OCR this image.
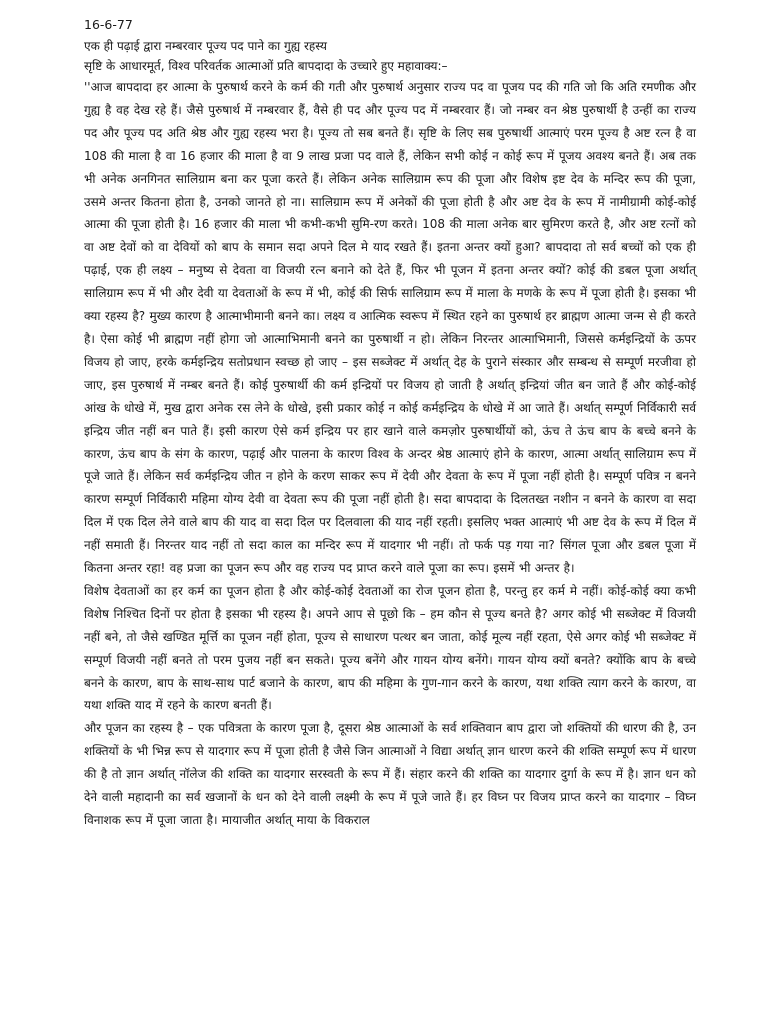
16-6-77

एक ही पढ़ाई द्वारा नम्बरवार पूज्य पद पाने का गुह्य रहस्य

सृष्टि के आधारमूर्त, विश्व परिवर्तक आत्माओं प्रति बापदादा के उच्चारे हुए महावाक्य:–

''आज बापदादा हर आत्मा के पुरुषार्थ करने के कर्म की गती और पुरुषार्थ अनुसार राज्य पद वा पूजय पद की गति जो कि अति रमणीक और गुह्य है वह देख रहे हैं। जैसे पुरुषार्थ में नम्बरवार हैं, वैसे ही पद और पूज्य पद में नम्बरवार हैं। जो नम्बर वन श्रेष्ठ पुरुषार्थी है उन्हीं का राज्य पद और पूज्य पद अति श्रेष्ठ और गुह्य रहस्य भरा है। पूज्य तो सब बनते हैं। सृष्टि के लिए सब पुरुषार्थी आत्माएं परम पूज्य है अष्ट रत्न है वा 108 की माला है वा 16 हजार की माला है वा 9 लाख प्रजा पद वाले हैं, लेकिन सभी कोई न कोई रूप में पूजय अवश्य बनते हैं। अब तक भी अनेक अनगिनत सालिग्राम बना कर पूजा करते हैं। लेकिन अनेक सालिग्राम रूप की पूजा और विशेष इष्ट देव के मन्दिर रूप की पूजा, उसमे अन्तर कितना होता है, उनको जानते हो ना। सालिग्राम रूप में अनेकों की पूजा होती है और अष्ट देव के रूप में नामीग्रामी कोई-कोई आत्मा की पूजा होती है। 16 हजार की माला भी कभी-कभी सुमि-रण करते। 108 की माला अनेक बार सुमिरण करते है, और अष्ट रत्नों को वा अष्ट देवों को वा देवियों को बाप के समान सदा अपने दिल मे याद रखते हैं। इतना अन्तर क्यों हुआ? बापदादा तो सर्व बच्चों को एक ही पढ़ाई, एक ही लक्ष्य – मनुष्य से देवता वा विजयी रत्न बनाने को देते हैं, फिर भी पूजन में इतना अन्तर क्यों? कोई की डबल पूजा अर्थात् सालिग्राम रूप में भी और देवी या देवताओं के रूप में भी, कोई की सिर्फ सालिग्राम रूप में माला के मणके के रूप में पूजा होती है। इसका भी क्या रहस्य है? मुख्य कारण है आत्माभीमानी बनने का। लक्ष्य व आत्मिक स्वरूप में स्थित रहने का पुरुषार्थ हर ब्राह्मण आत्मा जन्म से ही करते है। ऐसा कोई भी ब्राह्मण नहीं होगा जो आत्माभिमानी बनने का पुरुषार्थी न हो। लेकिन निरन्तर आत्माभिमानी, जिससे कर्मइन्द्रियों के ऊपर विजय हो जाए, हरके कर्मइन्द्रिय सतोप्रधान स्वच्छ हो जाए – इस सब्जेक्ट में अर्थात् देह के पुराने संस्कार और सम्बन्ध से सम्पूर्ण मरजीवा हो जाए, इस पुरुषार्थ में नम्बर बनते हैं। कोई पुरुषार्थी की कर्म इन्द्रियों पर विजय हो जाती है अर्थात् इन्द्रियां जीत बन जाते हैं और कोई-कोई आंख के धोखे में, मुख द्वारा अनेक रस लेने के धोखे, इसी प्रकार कोई न कोई कर्मइन्द्रिय के धोखे में आ जाते हैं। अर्थात् सम्पूर्ण निर्विकारी सर्व इन्द्रिय जीत नहीं बन पाते हैं। इसी कारण ऐसे कर्म इन्द्रिय पर हार खाने वाले कमज़ोर पुरुषार्थीयों को, ऊंच ते ऊंच बाप के बच्चे बनने के कारण, ऊंच बाप के संग के कारण, पढ़ाई और पालना के कारण विश्व के अन्दर श्रेष्ठ आत्माएं होने के कारण, आत्मा अर्थात् सालिग्राम रूप में पूजे जाते हैं। लेकिन सर्व कर्मइन्द्रिय जीत न होने के करण साकर रूप में देवी और देवता के रूप में पूजा नहीं होती है। सम्पूर्ण पवित्र न बनने कारण सम्पूर्ण निर्विकारी महिमा योग्य देवी वा देवता रूप की पूजा नहीं होती है। सदा बापदादा के दिलतख्त नशीन न बनने के कारण वा सदा दिल में एक दिल लेने वाले बाप की याद वा सदा दिल पर दिलवाला की याद नहीं रहती। इसलिए भक्त आत्माएं भी अष्ट देव के रूप में दिल में नहीं समाती हैं। निरन्तर याद नहीं तो सदा काल का मन्दिर रूप में यादगार भी नहीं। तो फर्क पड़ गया ना? सिंगल पूजा और डबल पूजा में कितना अन्तर रहा! वह प्रजा का पूजन रूप और वह राज्य पद प्राप्त करने वाले पूजा का रूप। इसमें भी अन्तर है।

विशेष देवताओं का हर कर्म का पूजन होता है और कोई-कोई देवताओं का रोज पूजन होता है, परन्तु हर कर्म मे नहीं। कोई-कोई क्या कभी विशेष निश्चित दिनों पर होता है इसका भी रहस्य है। अपने आप से पूछो कि – हम कौन से पूज्य बनते है? अगर कोई भी सब्जेक्ट में विजयी नहीं बने, तो जैसे खण्डित मूर्त्ति का पूजन नहीं होता, पूज्य से साधारण पत्थर बन जाता, कोई मूल्य नहीं रहता, ऐसे अगर कोई भी सब्जेक्ट में सम्पूर्ण विजयी नहीं बनते तो परम पुजय नहीं बन सकते। पूज्य बनेंगे और गायन योग्य बनेंगे। गायन योग्य क्यों बनते? क्योंकि बाप के बच्चे बनने के कारण, बाप के साथ-साथ पार्ट बजाने के कारण, बाप की महिमा के गुण-गान करने के कारण, यथा शक्ति त्याग करने के कारण, वा यथा शक्ति याद में रहने के कारण बनती हैं।

और पूजन का रहस्य है – एक पवित्रता के कारण पूजा है, दूसरा श्रेष्ठ आत्माओं के सर्व शक्तिवान बाप द्वारा जो शक्तियों की धारण की है, उन शक्तियों के भी भिन्न रूप से यादगार रूप में पूजा होती है जैसे जिन आत्माओं ने विद्या अर्थात् ज्ञान धारण करने की शक्ति सम्पूर्ण रूप में धारण की है तो ज्ञान अर्थात् नॉलेज की शक्ति का यादगार सरस्वती के रूप में हैं। संहार करने की शक्ति का यादगार दुर्गा के रूप में है। ज्ञान धन को देने वाली महादानी का सर्व खजानों के धन को देने वाली लक्ष्मी के रूप में पूजे जाते हैं। हर विघ्न पर विजय प्राप्त करने का यादगार – विघ्न विनाशक रूप में पूजा जाता है। मायाजीत अर्थात् माया के विकराल
